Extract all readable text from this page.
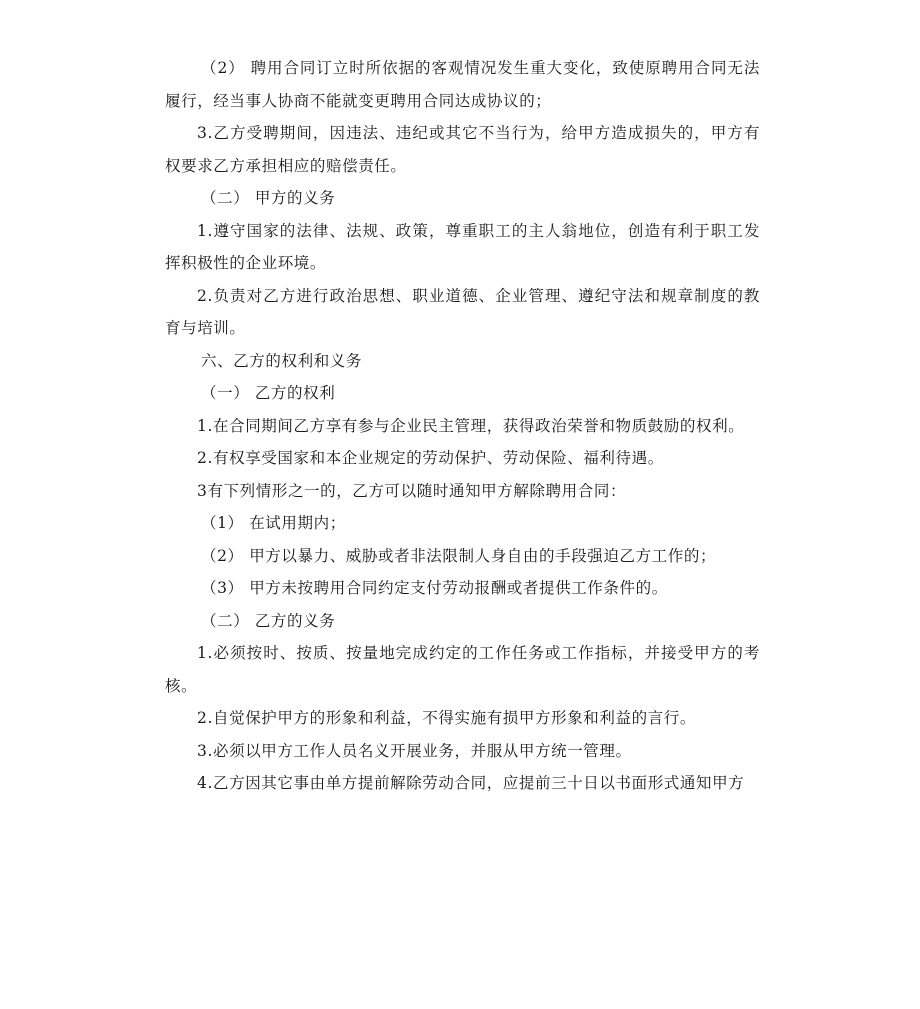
（2） 聘用合同订立时所依据的客观情况发生重大变化，致使原聘用合同无法履行，经当事人协商不能就变更聘用合同达成协议的；

3.乙方受聘期间，因违法、违纪或其它不当行为，给甲方造成损失的，甲方有权要求乙方承担相应的赔偿责任。

（二） 甲方的义务

1.遵守国家的法律、法规、政策，尊重职工的主人翁地位，创造有利于职工发挥积极性的企业环境。

2.负责对乙方进行政治思想、职业道德、企业管理、遵纪守法和规章制度的教育与培训。

六、乙方的权利和义务

（一） 乙方的权利

1.在合同期间乙方享有参与企业民主管理，获得政治荣誉和物质鼓励的权利。

2.有权享受国家和本企业规定的劳动保护、劳动保险、福利待遇。

3有下列情形之一的，乙方可以随时通知甲方解除聘用合同：

（1） 在试用期内；

（2） 甲方以暴力、威胁或者非法限制人身自由的手段强迫乙方工作的；

（3） 甲方未按聘用合同约定支付劳动报酬或者提供工作条件的。

（二） 乙方的义务

1.必须按时、按质、按量地完成约定的工作任务或工作指标，并接受甲方的考核。

2.自觉保护甲方的形象和利益，不得实施有损甲方形象和利益的言行。

3.必须以甲方工作人员名义开展业务，并服从甲方统一管理。

4.乙方因其它事由单方提前解除劳动合同，应提前三十日以书面形式通知甲方
